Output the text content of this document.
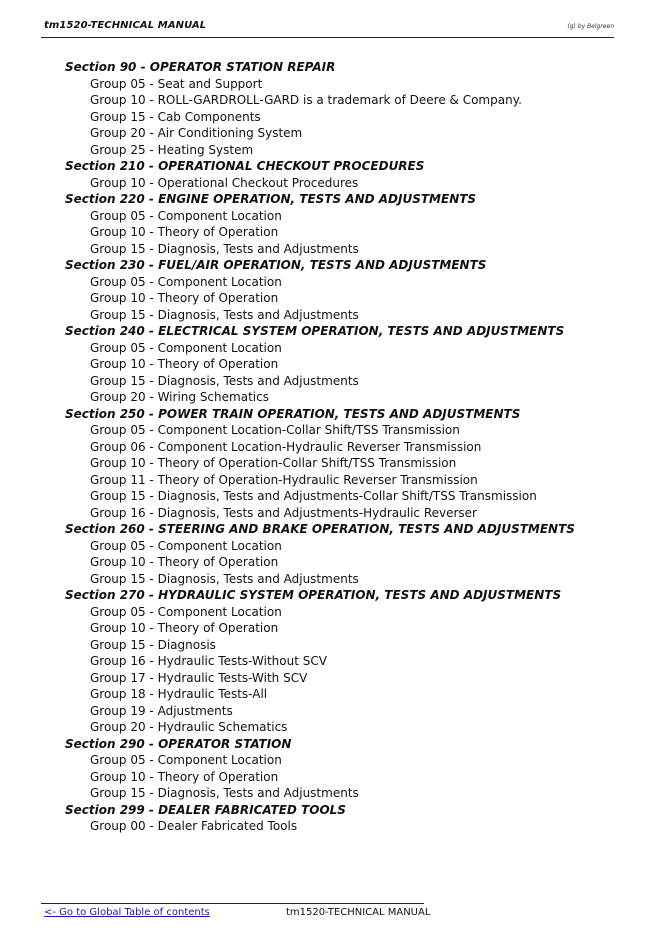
tm1520-TECHNICAL MANUAL	(g) by Belgreen
Section 90 - OPERATOR STATION REPAIR
Group 05 - Seat and Support
Group 10 - ROLL-GARDROLL-GARD is a trademark of Deere & Company.
Group 15 - Cab Components
Group 20 - Air Conditioning System
Group 25 - Heating System
Section 210 - OPERATIONAL CHECKOUT PROCEDURES
Group 10 - Operational Checkout Procedures
Section 220 - ENGINE OPERATION, TESTS AND ADJUSTMENTS
Group 05 - Component Location
Group 10 - Theory of Operation
Group 15 - Diagnosis, Tests and Adjustments
Section 230 - FUEL/AIR OPERATION, TESTS AND ADJUSTMENTS
Group 05 - Component Location
Group 10 - Theory of Operation
Group 15 - Diagnosis, Tests and Adjustments
Section 240 - ELECTRICAL SYSTEM OPERATION, TESTS AND ADJUSTMENTS
Group 05 - Component Location
Group 10 - Theory of Operation
Group 15 - Diagnosis, Tests and Adjustments
Group 20 - Wiring Schematics
Section 250 - POWER TRAIN OPERATION, TESTS AND ADJUSTMENTS
Group 05 - Component Location-Collar Shift/TSS Transmission
Group 06 - Component Location-Hydraulic Reverser Transmission
Group 10 - Theory of Operation-Collar Shift/TSS Transmission
Group 11 - Theory of Operation-Hydraulic Reverser Transmission
Group 15 - Diagnosis, Tests and Adjustments-Collar Shift/TSS Transmission
Group 16 - Diagnosis, Tests and Adjustments-Hydraulic Reverser
Section 260 - STEERING AND BRAKE OPERATION, TESTS AND ADJUSTMENTS
Group 05 - Component Location
Group 10 - Theory of Operation
Group 15 - Diagnosis, Tests and Adjustments
Section 270 - HYDRAULIC SYSTEM OPERATION, TESTS AND ADJUSTMENTS
Group 05 - Component Location
Group 10 - Theory of Operation
Group 15 - Diagnosis
Group 16 - Hydraulic Tests-Without SCV
Group 17 - Hydraulic Tests-With SCV
Group 18 - Hydraulic Tests-All
Group 19 - Adjustments
Group 20 - Hydraulic Schematics
Section 290 - OPERATOR STATION
Group 05 - Component Location
Group 10 - Theory of Operation
Group 15 - Diagnosis, Tests and Adjustments
Section 299 - DEALER FABRICATED TOOLS
Group 00 - Dealer Fabricated Tools
<- Go to Global Table of contents	tm1520-TECHNICAL MANUAL
